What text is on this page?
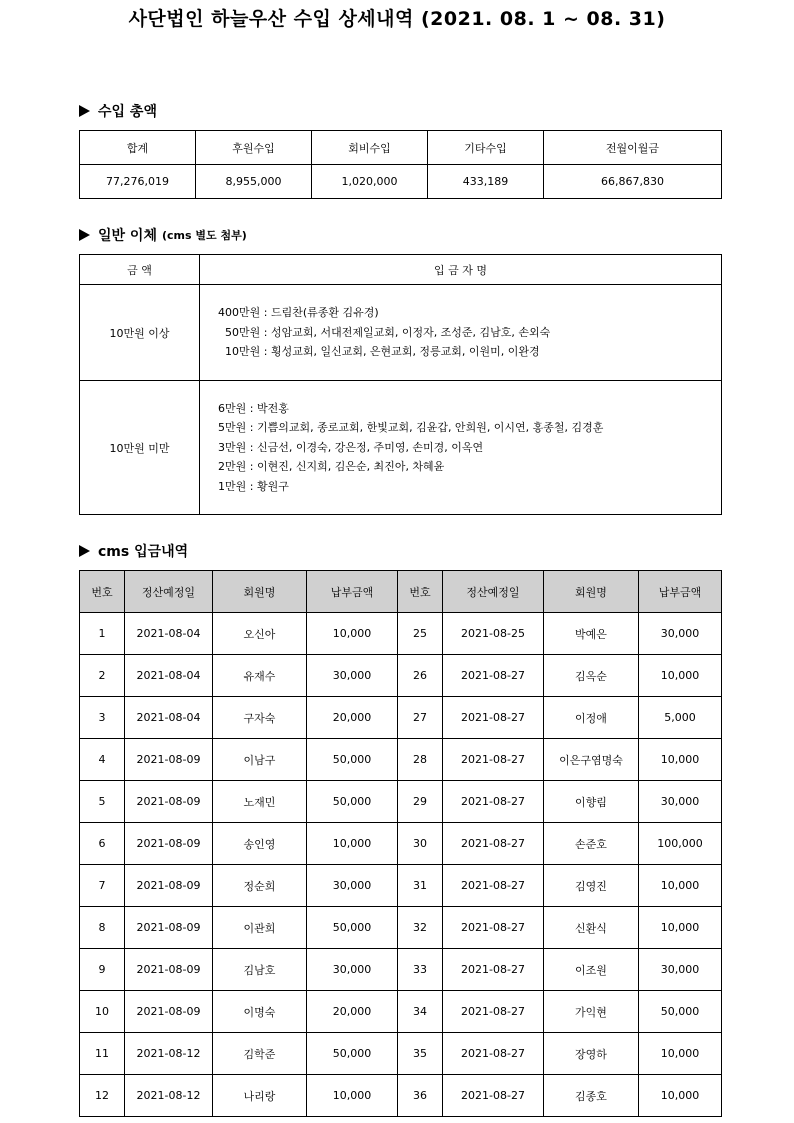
사단법인 하늘우산 수입 상세내역 (2021. 08. 1 ~ 08. 31)
수입 총액
합계	후원수입	회비수입	기타수입	전월이월금
77,276,019	8,955,000	1,020,000	433,189	66,867,830
일반 이체 (cms 별도 첨부)
금 액	입 금 자 명
10만원 이상	400만원 : 드림찬(류종환 김유경)
50만원 : 성암교회, 서대전제일교회, 이정자, 조성준, 김남호, 손외숙
10만원 : 횡성교회, 일신교회, 은현교회, 정릉교회, 이원미, 이완경

10만원 미만	6만원 : 박전홍
5만원 : 기쁨의교회, 종로교회, 한빛교회, 김윤갑, 안희원, 이시연, 홍종철, 김경훈
3만원 : 신금선, 이경숙, 강은정, 주미영, 손미경, 이옥연
2만원 : 이현진, 신지희, 김은순, 최진아, 차혜윤
1만원 : 황원구
cms 입금내역
번호	정산예정일	회원명	납부금액	번호	정산예정일	회원명	납부금액
1	2021-08-04	오신아	10,000	25	2021-08-25	박예은	30,000
2	2021-08-04	유재수	30,000	26	2021-08-27	김옥순	10,000
3	2021-08-04	구자숙	20,000	27	2021-08-27	이정애	5,000
4	2021-08-09	이남구	50,000	28	2021-08-27	이은구염명숙	10,000
5	2021-08-09	노재민	50,000	29	2021-08-27	이향림	30,000
6	2021-08-09	송인영	10,000	30	2021-08-27	손준호	100,000
7	2021-08-09	정순희	30,000	31	2021-08-27	김영진	10,000
8	2021-08-09	이관희	50,000	32	2021-08-27	신환식	10,000
9	2021-08-09	김남호	30,000	33	2021-08-27	이조원	30,000
10	2021-08-09	이명숙	20,000	34	2021-08-27	가익현	50,000
11	2021-08-12	김학준	50,000	35	2021-08-27	장영하	10,000
12	2021-08-12	나리랑	10,000	36	2021-08-27	김종호	10,000
